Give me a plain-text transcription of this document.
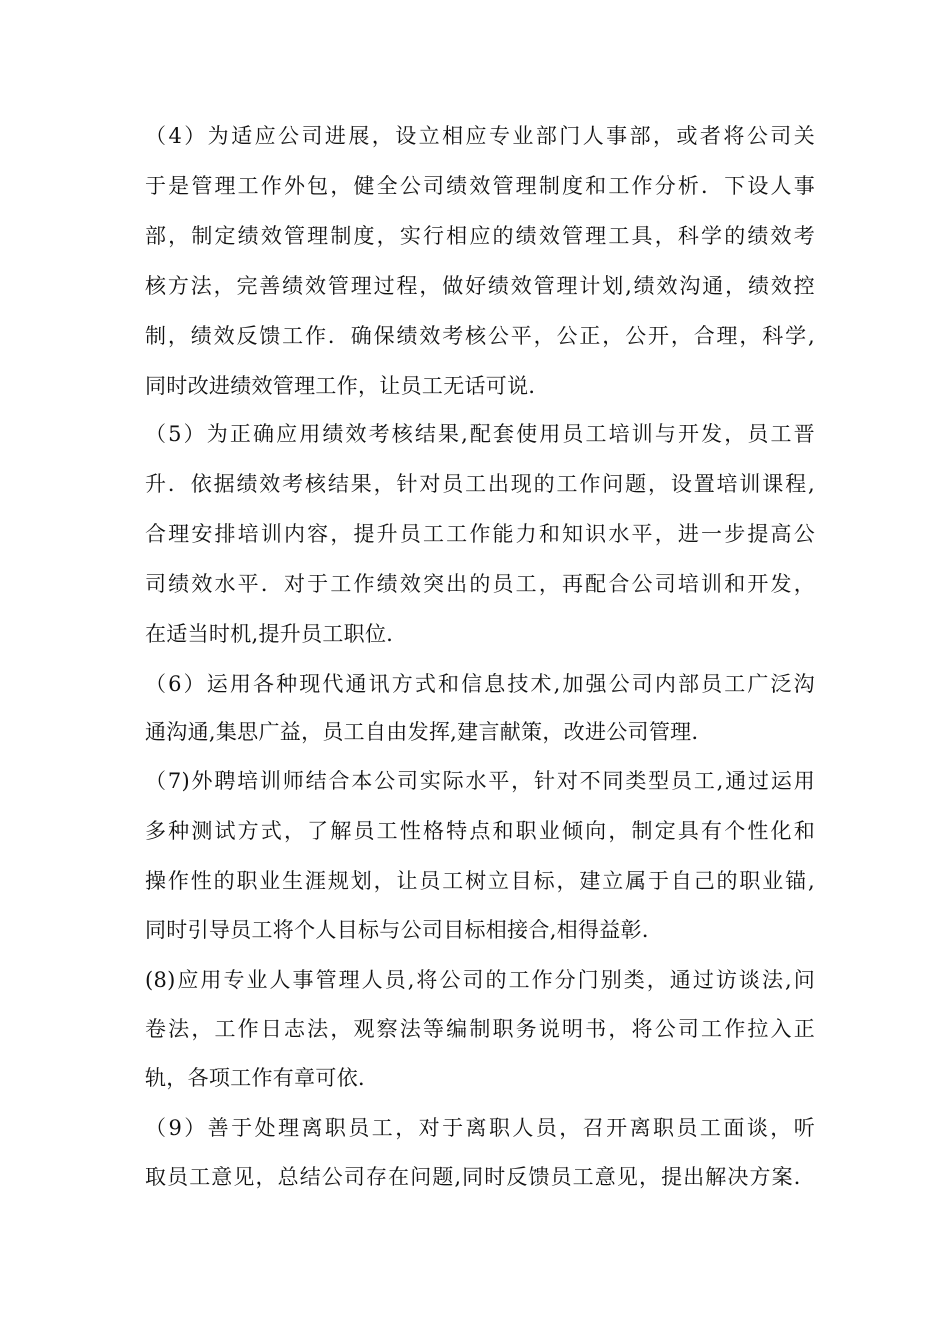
（4）为适应公司进展，设立相应专业部门人事部，或者将公司关
于是管理工作外包，健全公司绩效管理制度和工作分析．下设人事
部，制定绩效管理制度，实行相应的绩效管理工具，科学的绩效考
核方法，完善绩效管理过程，做好绩效管理计划,绩效沟通，绩效控
制，绩效反馈工作．确保绩效考核公平，公正，公开，合理，科学,
同时改进绩效管理工作，让员工无话可说．
（5）为正确应用绩效考核结果,配套使用员工培训与开发，员工晋
升．依据绩效考核结果，针对员工出现的工作问题，设置培训课程,
合理安排培训内容，提升员工工作能力和知识水平，进一步提高公
司绩效水平．对于工作绩效突出的员工，再配合公司培训和开发，
在适当时机,提升员工职位．
（6）运用各种现代通讯方式和信息技术,加强公司内部员工广泛沟
通沟通,集思广益，员工自由发挥,建言献策，改进公司管理．
（7)外聘培训师结合本公司实际水平，针对不同类型员工,通过运用
多种测试方式，了解员工性格特点和职业倾向，制定具有个性化和
操作性的职业生涯规划，让员工树立目标，建立属于自己的职业锚,
同时引导员工将个人目标与公司目标相接合,相得益彰．
(8)应用专业人事管理人员,将公司的工作分门别类，通过访谈法,问
卷法，工作日志法，观察法等编制职务说明书，将公司工作拉入正
轨，各项工作有章可依．
（9）善于处理离职员工，对于离职人员，召开离职员工面谈，听
取员工意见，总结公司存在问题,同时反馈员工意见，提出解决方案．
